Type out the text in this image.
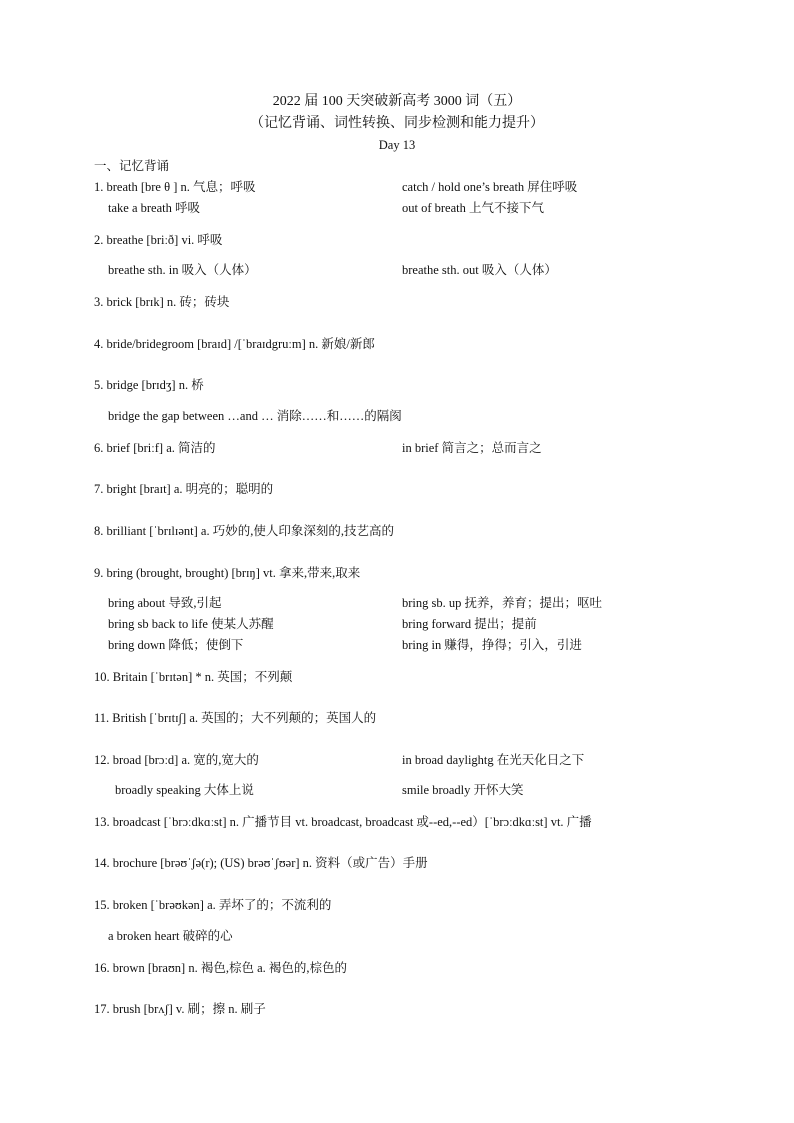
2022 届 100 天突破新高考 3000 词（五）
（记忆背诵、词性转换、同步检测和能力提升）
Day 13
一、记忆背诵
1. breath [bre θ ] n. 气息；呼吸	catch / hold one’s breath 屏住呼吸
take a breath 呼吸	out of breath 上气不接下气
2. breathe [briːð] vi. 呼吸
breathe sth. in 吸入（人体）	breathe sth. out 吸入（人体）
3. brick [brɪk] n. 砖；砖块
4. bride/bridegroom [braɪd] /[ˈbraɪdgruːm] n. 新娘/新郎
5. bridge [brɪdʒ] n. 桥
bridge the gap between …and … 消除……和……的隔阂
6. brief [briːf] a. 简洁的	in brief 简言之；总而言之
7. bright [braɪt] a. 明亮的；聪明的
8. brilliant [ˈbrɪlɪənt] a. 巧妙的,使人印象深刻的,技艺高的
9. bring (brought, brought) [brɪŋ] vt. 拿来,带来,取来
bring about 导致,引起	bring sb. up 抚养，养育；提出；呕吐
bring sb back to life 使某人苏醒	bring forward 提出；提前
bring down 降低；使倒下	bring in 赚得，挣得；引入，引进
10. Britain [ˈbrɪtən] * n. 英国；不列颠
11. British [ˈbrɪtɪ∫] a. 英国的；大不列颠的；英国人的
12. broad [brɔːd] a. 宽的,宽大的	in broad daylightg 在光天化日之下
broadly speaking 大体上说	smile broadly 开怀大笑
13. broadcast [ˈbrɔːdkɑːst] n. 广播节目 vt. broadcast, broadcast 或--ed,--ed）[ˈbrɔːdkɑːst] vt. 广播
14. brochure [brəʊˈʃə(r); (US) brəʊˈʃʊər] n. 资料（或广告）手册
15. broken [ˈbrəʊkən] a. 弄坏了的；不流利的
a broken heart 破碎的心
16. brown [braʊn] n. 褐色,棕色 a. 褐色的,棕色的
17. brush [brʌʃ] v. 刷；擦 n. 刷子
